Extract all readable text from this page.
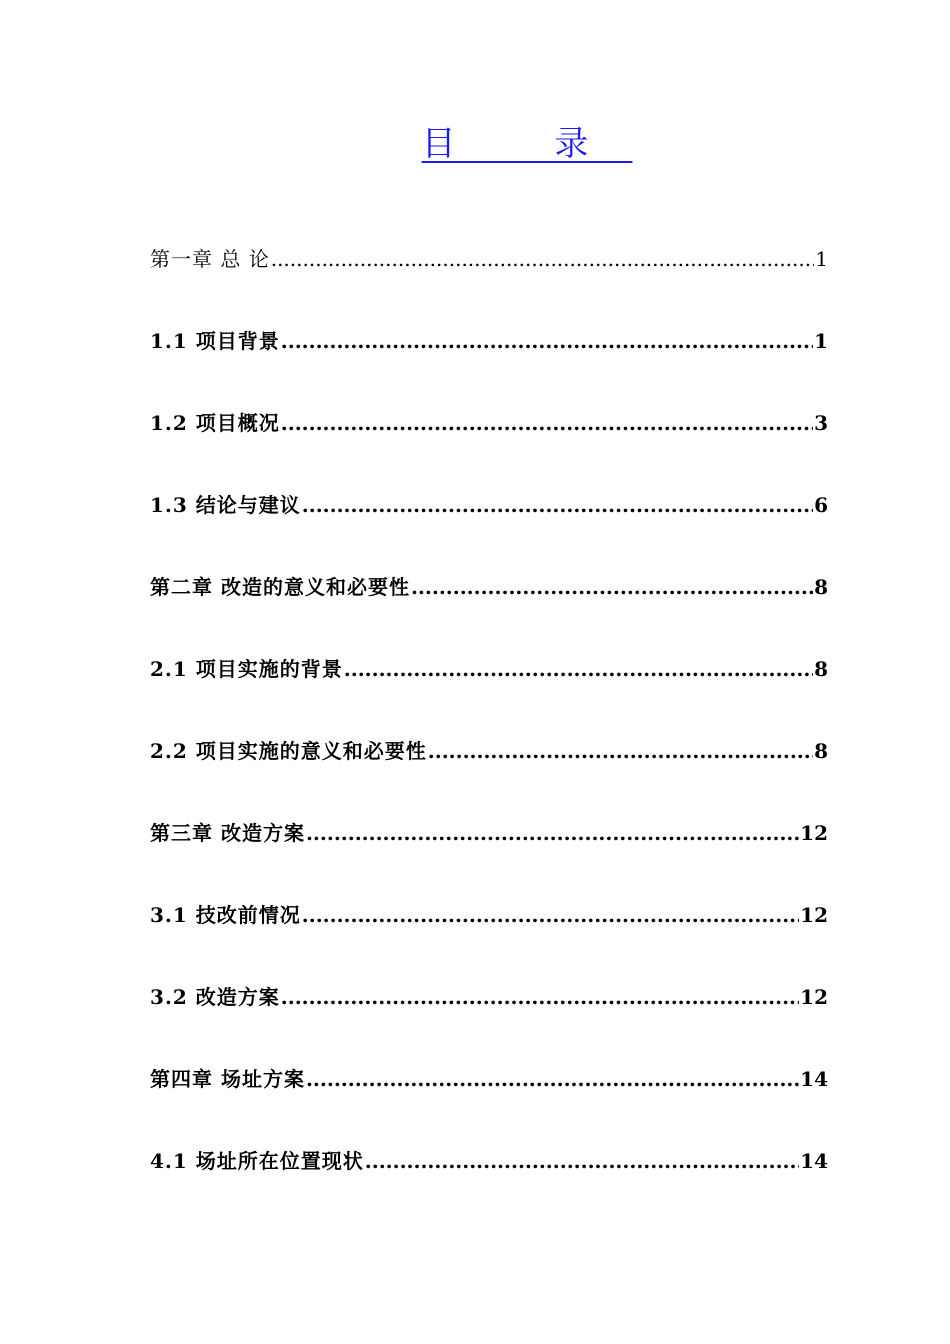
目 录
第一章 总 论 .....	1
1.1 项目背景 .....	1
1.2 项目概况 .....	3
1.3 结论与建议 .....	6
第二章 改造的意义和必要性 .....	8
2.1 项目实施的背景 .....	8
2.2 项目实施的意义和必要性 .....	8
第三章 改造方案 .....	12
3.1 技改前情况 .....	12
3.2 改造方案 .....	12
第四章 场址方案 .....	14
4.1 场址所在位置现状 .....	14
